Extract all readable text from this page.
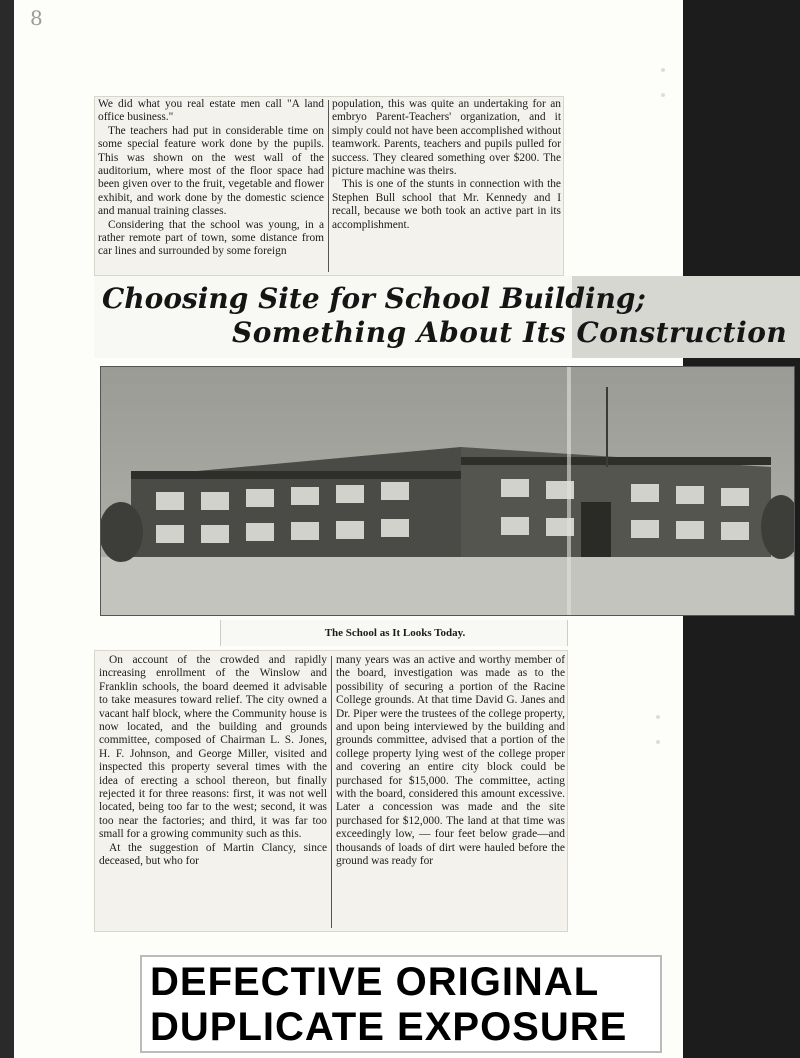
8

We did what you real estate men call "A land office business."

The teachers had put in considerable time on some special feature work done by the pupils. This was shown on the west wall of the auditorium, where most of the floor space had been given over to the fruit, vegetable and flower exhibit, and work done by the domestic science and manual training classes.

Considering that the school was young, in a rather remote part of town, some distance from car lines and surrounded by some foreign

population, this was quite an undertaking for an embryo Parent-Teachers' organization, and it simply could not have been accomplished without teamwork. Parents, teachers and pupils pulled for success. They cleared something over $200. The picture machine was theirs.

This is one of the stunts in connection with the Stephen Bull school that Mr. Kennedy and I recall, because we both took an active part in its accomplishment.

Choosing Site for School Building;
Something About Its Construction
The School as It Looks Today.

On account of the crowded and rapidly increasing enrollment of the Winslow and Franklin schools, the board deemed it advisable to take measures toward relief. The city owned a vacant half block, where the Community house is now located, and the building and grounds committee, composed of Chairman L. S. Jones, H. F. Johnson, and George Miller, visited and inspected this property several times with the idea of erecting a school thereon, but finally rejected it for three reasons: first, it was not well located, being too far to the west; second, it was too near the factories; and third, it was far too small for a growing community such as this.

At the suggestion of Martin Clancy, since deceased, but who for

many years was an active and worthy member of the board, investigation was made as to the possibility of securing a portion of the Racine College grounds. At that time David G. Janes and Dr. Piper were the trustees of the college property, and upon being interviewed by the building and grounds committee, advised that a portion of the college property lying west of the college proper and covering an entire city block could be purchased for $15,000. The committee, acting with the board, considered this amount excessive. Later a concession was made and the site purchased for $12,000. The land at that time was exceedingly low, — four feet below grade—and thousands of loads of dirt were hauled before the ground was ready for

DEFECTIVE ORIGINAL
DUPLICATE EXPOSURE
